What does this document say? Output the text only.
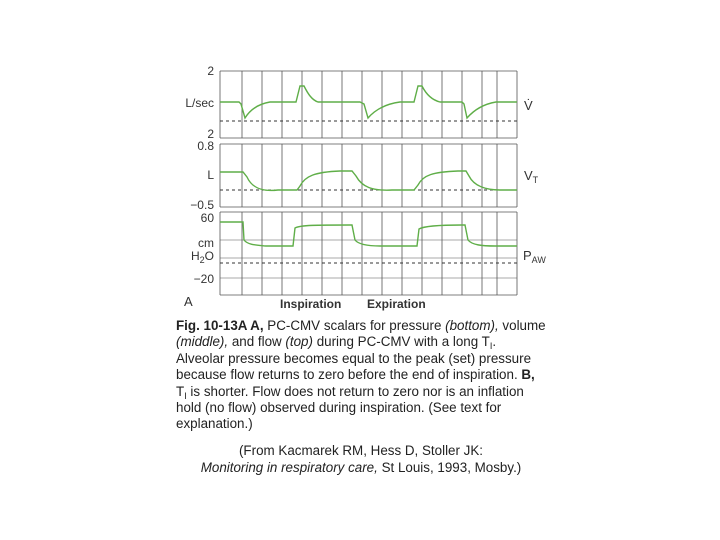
2
L/sec
2
V̇
0.8
L
−0.5
$V_T$
60
cm
$H_2O$
−20
$P_{AW}$
A	Inspiration Expiration
Fig. 10-13A A, PC-CMV scalars for pressure (bottom), volume (middle), and flow (top) during PC-CMV with a long $T_I$. Alveolar pressure becomes equal to the peak (set) pressure because flow returns to zero before the end of inspiration. B, $T_I$ is shorter. Flow does not return to zero nor is an inflation hold (no flow) observed during inspiration. (See text for explanation.)
(From Kacmarek RM, Hess D, Stoller JK:
Monitoring in respiratory care, St Louis, 1993, Mosby.)
